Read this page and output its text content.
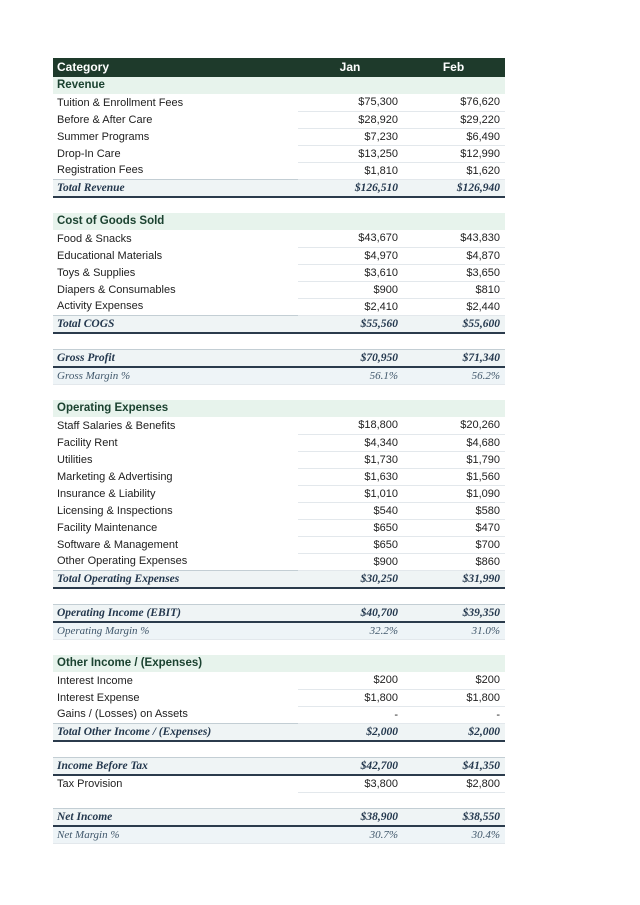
Category	Jan	Feb
Revenue		
Tuition & Enrollment Fees	$75,300	$76,620
Before & After Care	$28,920	$29,220
Summer Programs	$7,230	$6,490
Drop-In Care	$13,250	$12,990
Registration Fees	$1,810	$1,620
Total Revenue	$126,510	$126,940

Cost of Goods Sold		
Food & Snacks	$43,670	$43,830
Educational Materials	$4,970	$4,870
Toys & Supplies	$3,610	$3,650
Diapers & Consumables	$900	$810
Activity Expenses	$2,410	$2,440
Total COGS	$55,560	$55,600

Gross Profit	$70,950	$71,340
Gross Margin %	56.1%	56.2%

Operating Expenses		
Staff Salaries & Benefits	$18,800	$20,260
Facility Rent	$4,340	$4,680
Utilities	$1,730	$1,790
Marketing & Advertising	$1,630	$1,560
Insurance & Liability	$1,010	$1,090
Licensing & Inspections	$540	$580
Facility Maintenance	$650	$470
Software & Management	$650	$700
Other Operating Expenses	$900	$860
Total Operating Expenses	$30,250	$31,990

Operating Income (EBIT)	$40,700	$39,350
Operating Margin %	32.2%	31.0%

Other Income / (Expenses)		
Interest Income	$200	$200
Interest Expense	$1,800	$1,800
Gains / (Losses) on Assets	-	-
Total Other Income / (Expenses)	$2,000	$2,000

Income Before Tax	$42,700	$41,350
Tax Provision	$3,800	$2,800

Net Income	$38,900	$38,550
Net Margin %	30.7%	30.4%
